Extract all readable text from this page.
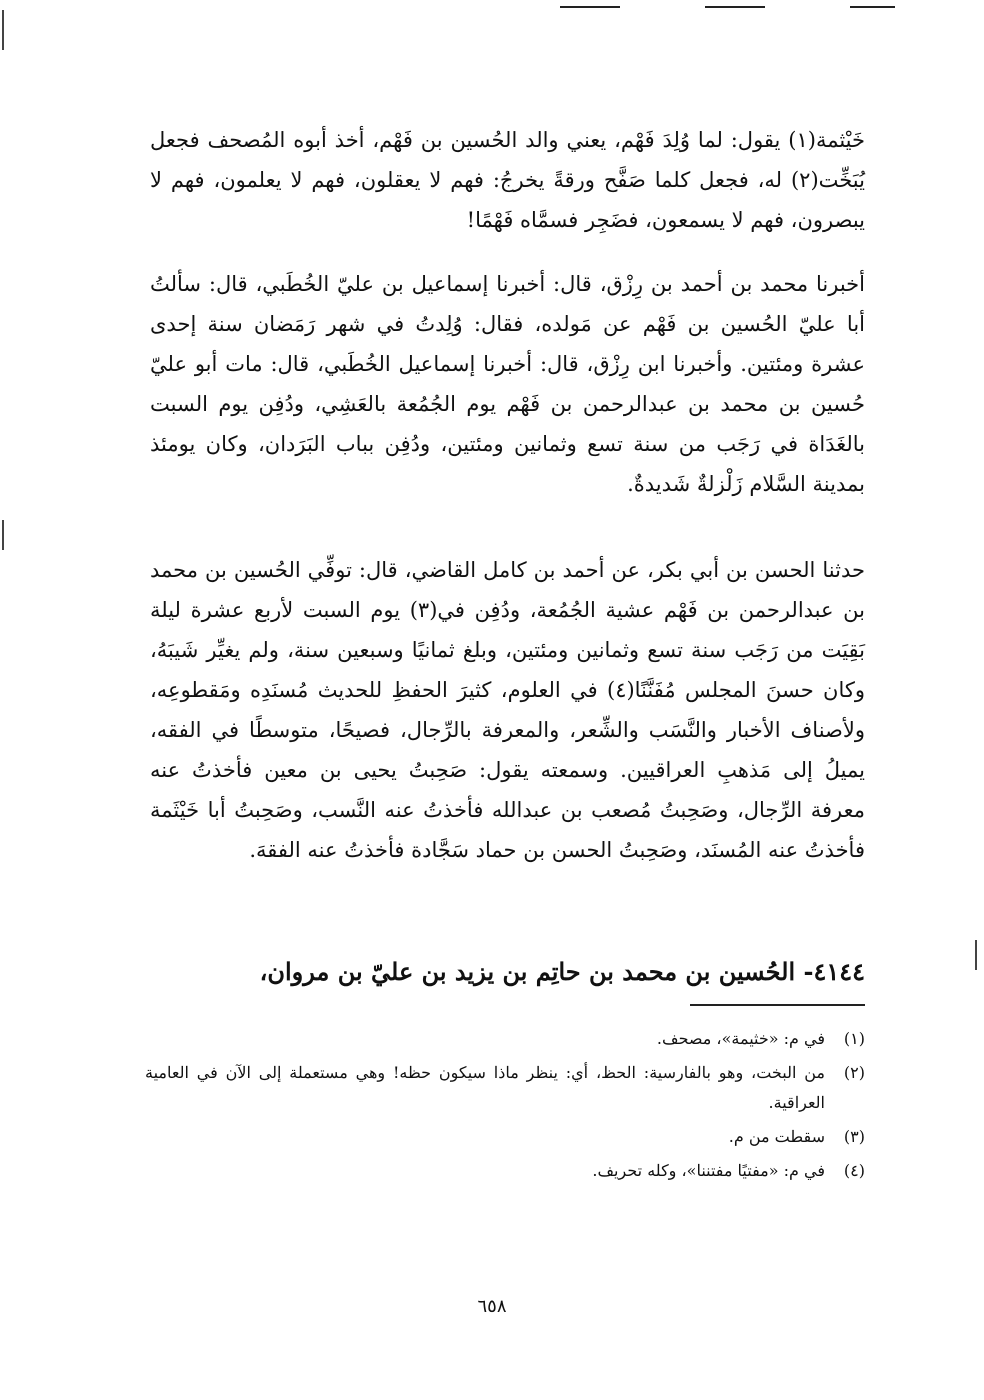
خَيْثمة(١) يقول: لما وُلِدَ فَهْم، يعني والد الحُسين بن فَهْم، أخذ أبوه المُصحف فجعل يُبَخِّت(٢) له، فجعل كلما صَفَّح ورقةً يخرجُ: فهم لا يعقلون، فهم لا يعلمون، فهم لا يبصرون، فهم لا يسمعون، فضَجِر فسمَّاه فَهْمًا!

أخبرنا محمد بن أحمد بن رِزْق، قال: أخبرنا إسماعيل بن عليّ الخُطَبي، قال: سألتُ أبا عليّ الحُسين بن فَهْم عن مَولده، فقال: وُلِدتُ في شهر رَمَضان سنة إحدى عشرة ومئتين. وأخبرنا ابن رِزْق، قال: أخبرنا إسماعيل الخُطَبي، قال: مات أبو عليّ حُسين بن محمد بن عبدالرحمن بن فَهْم يوم الجُمُعة بالعَشِي، ودُفِن يوم السبت بالغَدَاة في رَجَب من سنة تسع وثمانين ومئتين، ودُفِن بباب البَرَدان، وكان يومئذ بمدينة السَّلام زَلْزلةٌ شَديدةٌ.

حدثنا الحسن بن أبي بكر، عن أحمد بن كامل القاضي، قال: توفِّي الحُسين بن محمد بن عبدالرحمن بن فَهْم عشية الجُمُعة، ودُفِن في(٣) يوم السبت لأربع عشرة ليلة بَقِيَت من رَجَب سنة تسع وثمانين ومئتين، وبلغ ثمانيًا وسبعين سنة، ولم يغيِّر شَيبَهُ، وكان حسنَ المجلس مُفَنَّنًا(٤) في العلوم، كثيرَ الحفظِ للحديث مُسنَدِه ومَقطوعِه، ولأصناف الأخبار والنَّسَب والشِّعر، والمعرفة بالرِّجال، فصيحًا، متوسطًا في الفقه، يميلُ إلى مَذهبِ العراقيين. وسمعته يقول: صَحِبتُ يحيى بن معين فأخذتُ عنه معرفة الرِّجال، وصَحِبتُ مُصعب بن عبدالله فأخذتُ عنه النَّسب، وصَحِبتُ أبا خَيْثَمة فأخذتُ عنه المُسنَد، وصَحِبتُ الحسن بن حماد سَجَّادة فأخذتُ عنه الفقهَ.

٤١٤٤- الحُسين بن محمد بن حاتِم بن يزيد بن عليّ بن مروان،
(١)
في م: «خثيمة»، مصحف.
(٢)
من البخت، وهو بالفارسية: الحظ، أي: ينظر ماذا سيكون حظه! وهي مستعملة إلى الآن في العامية العراقية.
(٣)
سقطت من م.
(٤)
في م: «مفتيًا مفتننا»، وكله تحريف.
٦٥٨
